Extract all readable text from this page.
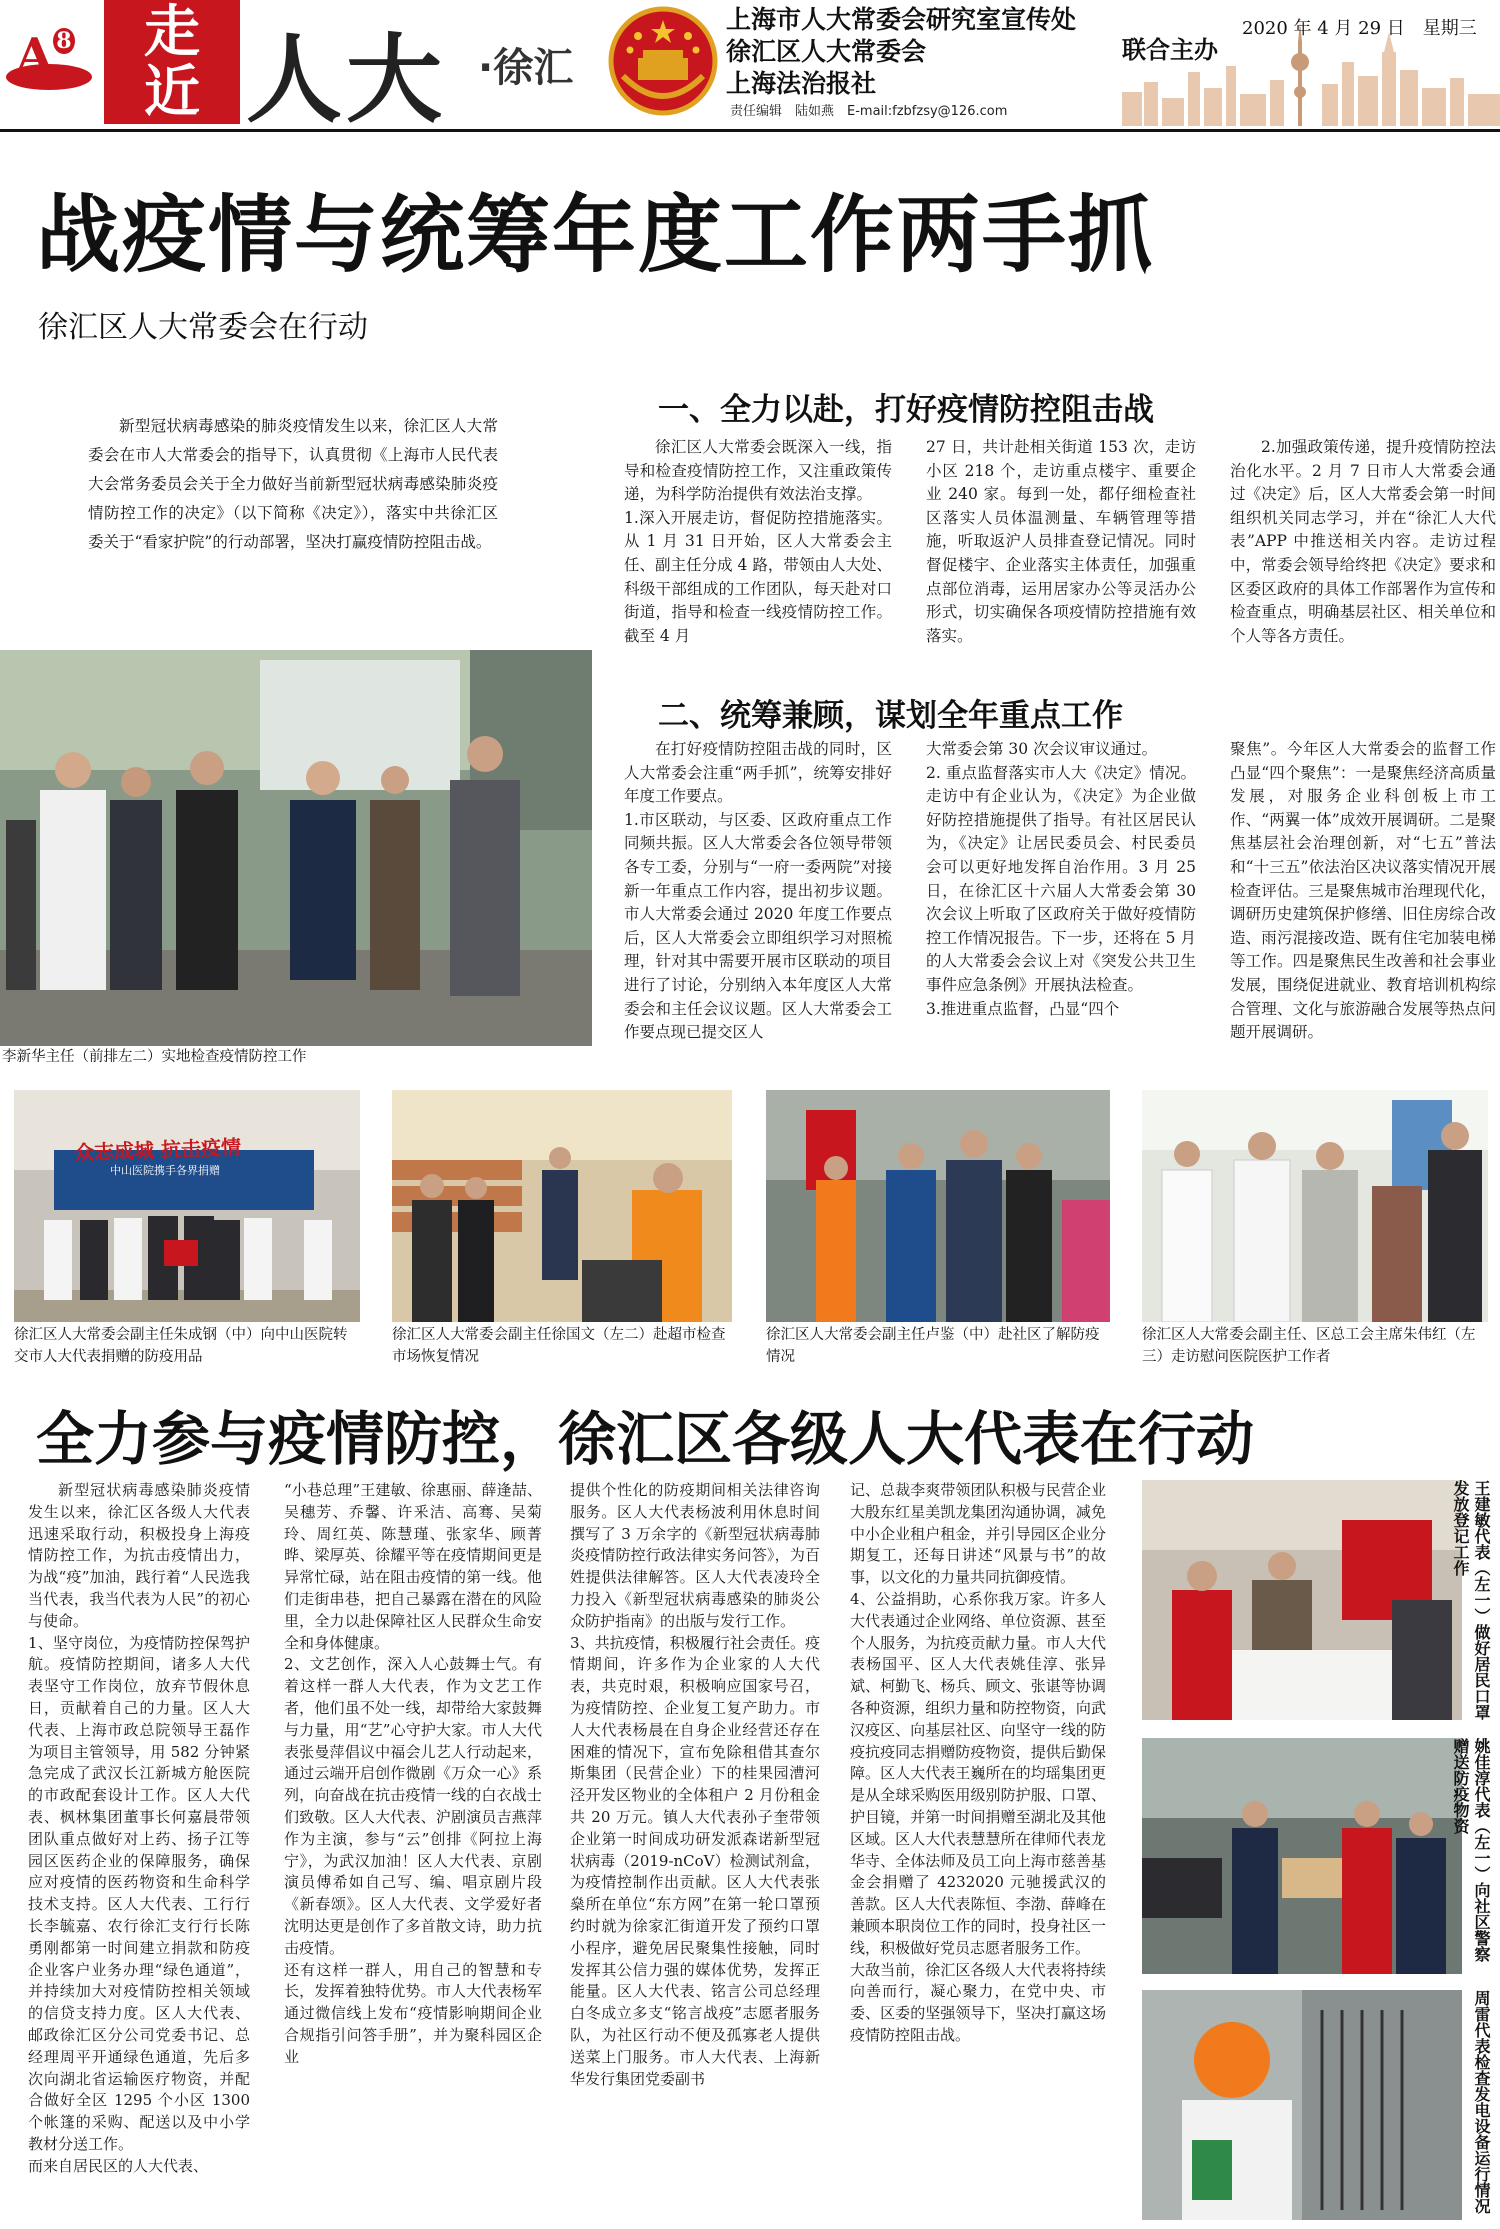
A $^8$	走
近 人大 ·徐汇
上海市人大常委会研究室宣传处
徐汇区人大常委会
上海法治报社
责任编辑　陆如燕　E-mail:fzbfzsy@126.com
联合主办
2020 年 4 月 29 日　星期三
战疫情与统筹年度工作两手抓
徐汇区人大常委会在行动
新型冠状病毒感染的肺炎疫情发生以来，徐汇区人大常委会在市人大常委会的指导下，认真贯彻《上海市人民代表大会常务委员会关于全力做好当前新型冠状病毒感染肺炎疫情防控工作的决定》（以下简称《决定》），落实中共徐汇区委关于“看家护院”的行动部署，坚决打赢疫情防控阻击战。
李新华主任（前排左二）实地检查疫情防控工作
一、全力以赴，打好疫情防控阻击战
徐汇区人大常委会既深入一线，指导和检查疫情防控工作，又注重政策传递，为科学防治提供有效法治支撑。
1.深入开展走访，督促防控措施落实。从 1 月 31 日开始，区人大常委会主任、副主任分成 4 路，带领由人大处、科级干部组成的工作团队，每天赴对口街道，指导和检查一线疫情防控工作。截至 4 月
27 日，共计赴相关街道 153 次，走访小区 218 个，走访重点楼宇、重要企业 240 家。每到一处，都仔细检查社区落实人员体温测量、车辆管理等措施，听取返沪人员排查登记情况。同时督促楼宇、企业落实主体责任，加强重点部位消毒，运用居家办公等灵活办公形式，切实确保各项疫情防控措施有效落实。
2.加强政策传递，提升疫情防控法治化水平。2 月 7 日市人大常委会通过《决定》后，区人大常委会第一时间组织机关同志学习，并在“徐汇人大代表”APP 中推送相关内容。走访过程中，常委会领导给终把《决定》要求和区委区政府的具体工作部署作为宣传和检查重点，明确基层社区、相关单位和个人等各方责任。
二、统筹兼顾，谋划全年重点工作
在打好疫情防控阻击战的同时，区人大常委会注重“两手抓”，统筹安排好年度工作要点。
1.市区联动，与区委、区政府重点工作同频共振。区人大常委会各位领导带领各专工委，分别与“一府一委两院”对接新一年重点工作内容，提出初步议题。市人大常委会通过 2020 年度工作要点后，区人大常委会立即组织学习对照梳理，针对其中需要开展市区联动的项目进行了讨论，分别纳入本年度区人大常委会和主任会议议题。区人大常委会工作要点现已提交区人
大常委会第 30 次会议审议通过。
2. 重点监督落实市人大《决定》情况。走访中有企业认为，《决定》为企业做好防控措施提供了指导。有社区居民认为，《决定》让居民委员会、村民委员会可以更好地发挥自治作用。3 月 25 日，在徐汇区十六届人大常委会第 30 次会议上听取了区政府关于做好疫情防控工作情况报告。下一步，还将在 5 月的人大常委会会议上对《突发公共卫生事件应急条例》开展执法检查。
3.推进重点监督，凸显“四个
聚焦”。今年区人大常委会的监督工作凸显“四个聚焦”：一是聚焦经济高质量发展，对服务企业科创板上市工作、“两翼一体”成效开展调研。二是聚焦基层社会治理创新，对“七五”普法和“十三五”依法治区决议落实情况开展检查评估。三是聚焦城市治理现代化，调研历史建筑保护修缮、旧住房综合改造、雨污混接改造、既有住宅加装电梯等工作。四是聚焦民生改善和社会事业发展，围绕促进就业、教育培训机构综合管理、文化与旅游融合发展等热点问题开展调研。
众志成城 抗击疫情
中山医院携手各界捐赠
徐汇区人大常委会副主任朱成钢（中）向中山医院转交市人大代表捐赠的防疫用品
徐汇区人大常委会副主任徐国文（左二）赴超市检查市场恢复情况
徐汇区人大常委会副主任卢鉴（中）赴社区了解防疫情况
徐汇区人大常委会副主任、区总工会主席朱伟红（左三）走访慰问医院医护工作者
全力参与疫情防控，徐汇区各级人大代表在行动
新型冠状病毒感染肺炎疫情发生以来，徐汇区各级人大代表迅速采取行动，积极投身上海疫情防控工作，为抗击疫情出力，为战“疫”加油，践行着“人民选我当代表，我当代表为人民”的初心与使命。
1、坚守岗位，为疫情防控保驾护航。疫情防控期间，诸多人大代表坚守工作岗位，放弃节假休息日，贡献着自己的力量。区人大代表、上海市政总院领导王磊作为项目主管领导，用 582 分钟紧急完成了武汉长江新城方舱医院的市政配套设计工作。区人大代表、枫林集团董事长何嘉晨带领团队重点做好对上药、扬子江等园区医药企业的保障服务，确保应对疫情的医药物资和生命科学技术支持。区人大代表、工行行长李毓嘉、农行徐汇支行行长陈勇刚都第一时间建立捐款和防疫企业客户业务办理“绿色通道”，并持续加大对疫情防控相关领域的信贷支持力度。区人大代表、邮政徐汇区分公司党委书记、总经理周平开通绿色通道，先后多次向湖北省运输医疗物资，并配合做好全区 1295 个小区 1300 个帐篷的采购、配送以及中小学教材分送工作。
而来自居民区的人大代表、
“小巷总理”王建敏、徐惠丽、薛逢喆、吴穗芳、乔馨、许釆洁、高骞、吴菊玲、周红英、陈慧瑾、张家华、顾菁晔、梁厚英、徐耀平等在疫情期间更是异常忙碌，站在阻击疫情的第一线。他们走街串巷，把自己暴露在潜在的风险里，全力以赴保障社区人民群众生命安全和身体健康。
2、文艺创作，深入人心鼓舞士气。有着这样一群人大代表，作为文艺工作者，他们虽不处一线，却带给大家鼓舞与力量，用“艺”心守护大家。市人大代表张曼萍倡议中福会儿艺人行动起来，通过云端开启创作微剧《万众一心》系列，向奋战在抗击疫情一线的白衣战士们致敬。区人大代表、沪剧演员吉燕萍作为主演，参与“云”创排《阿拉上海宁》，为武汉加油！区人大代表、京剧演员傅希如自己写、编、唱京剧片段《新春颂》。区人大代表、文学爱好者沈明达更是创作了多首散文诗，助力抗击疫情。
还有这样一群人，用自己的智慧和专长，发挥着独特优势。市人大代表杨军通过微信线上发布“疫情影响期间企业合规指引问答手册”，并为聚科园区企业
提供个性化的防疫期间相关法律咨询服务。区人大代表杨波利用休息时间撰写了 3 万余字的《新型冠状病毒肺炎疫情防控行政法律实务问答》，为百姓提供法律解答。区人大代表凌玲全力投入《新型冠状病毒感染的肺炎公众防护指南》的出版与发行工作。
3、共抗疫情，积极履行社会责任。疫情期间，许多作为企业家的人大代表，共克时艰，积极响应国家号召，为疫情防控、企业复工复产助力。市人大代表杨晨在自身企业经营还存在困难的情况下，宣布免除租借其查尔斯集团（民营企业）下的桂果园漕河泾开发区物业的全体租户 2 月份租金共 20 万元。镇人大代表孙子奎带领企业第一时间成功研发派森诺新型冠状病毒（2019-nCoV）检测试剂盒，为疫情控制作出贡献。区人大代表张燊所在单位“东方网”在第一轮口罩预约时就为徐家汇街道开发了预约口罩小程序，避免居民聚集性接触，同时发挥其公信力强的媒体优势，发挥正能量。区人大代表、铭言公司总经理白冬成立多支“铭言战疫”志愿者服务队，为社区行动不便及孤寡老人提供送菜上门服务。市人大代表、上海新华发行集团党委副书
记、总裁李爽带领团队积极与民营企业大殷东红星美凯龙集团沟通协调，减免中小企业租户租金，并引导园区企业分期复工，还每日讲述“风景与书”的故事，以文化的力量共同抗御疫情。
4、公益捐助，心系你我万家。许多人大代表通过企业网络、单位资源、甚至个人服务，为抗疫贡献力量。市人大代表杨国平、区人大代表姚佳淳、张异斌、柯勤飞、杨兵、顾文、张谌等协调各种资源，组织力量和防控物资，向武汉疫区、向基层社区、向坚守一线的防疫抗疫同志捐赠防疫物资，提供后勤保障。区人大代表王巍所在的均瑶集团更是从全球采购医用级别防护服、口罩、护目镜，并第一时间捐赠至湖北及其他区域。区人大代表慧慧所在律师代表龙华寺、全体法师及员工向上海市慈善基金会捐赠了 4232020 元驰援武汉的善款。区人大代表陈恒、李渤、薛峰在兼顾本职岗位工作的同时，投身社区一线，积极做好党员志愿者服务工作。
大敌当前，徐汇区各级人大代表将持续向善而行，凝心聚力，在党中央、市委、区委的坚强领导下，坚决打赢这场疫情防控阻击战。
王建敏代表（左一）做好居民口罩发放登记工作
姚佳淳代表（左一）向社区警察赠送防疫物资
周雷代表检查发电设备运行情况
